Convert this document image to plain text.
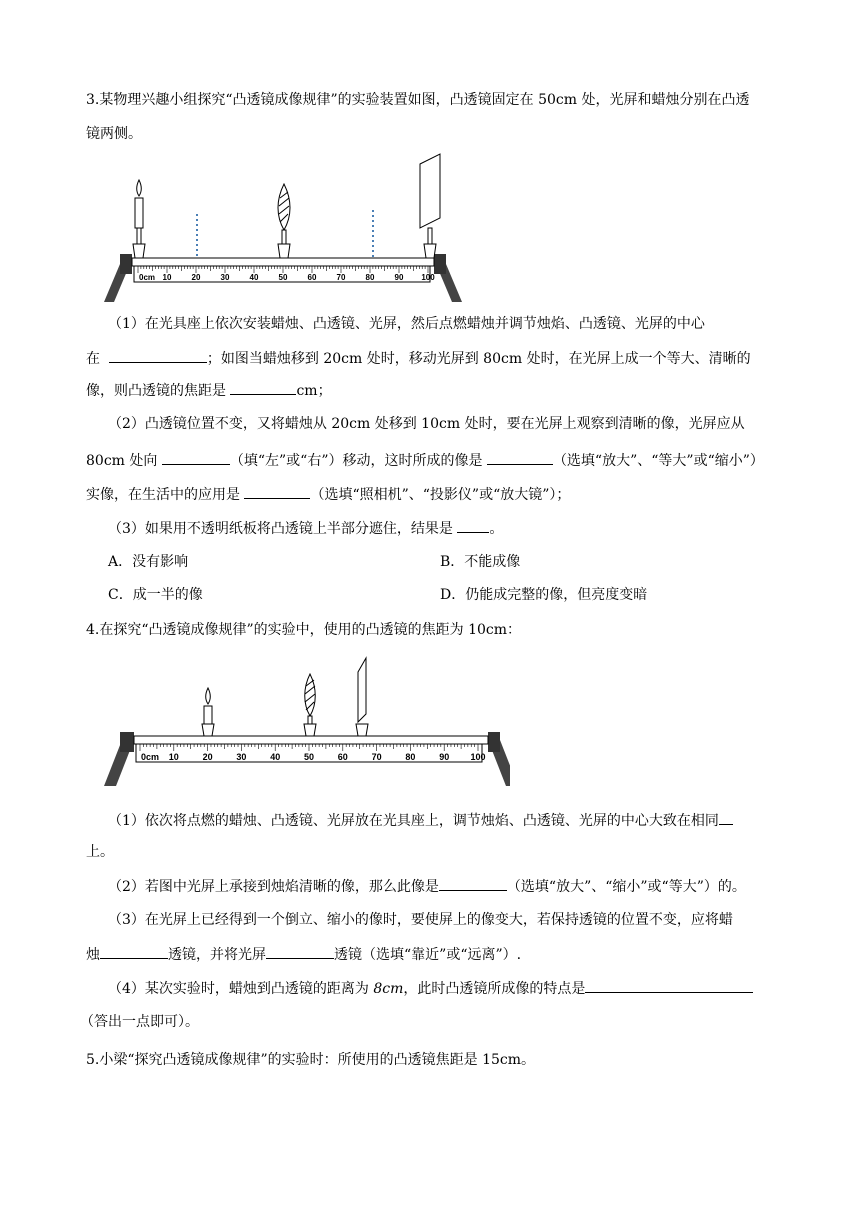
3.某物理兴趣小组探究“凸透镜成像规律”的实验装置如图，凸透镜固定在 50cm 处，光屏和蜡烛分别在凸透
镜两侧。
0cm 10	20	30	40	50	60	70	80	90 100
（1）在光具座上依次安装蜡烛、凸透镜、光屏，然后点燃蜡烛并调节烛焰、凸透镜、光屏的中心
在	；如图当蜡烛移到 20cm 处时，移动光屏到 80cm 处时，在光屏上成一个等大、清晰的
像，则凸透镜的焦距是	cm；
（2）凸透镜位置不变，又将蜡烛从 20cm 处移到 10cm 处时，要在光屏上观察到清晰的像，光屏应从
80cm 处向	（填“左”或“右”）移动，这时所成的像是	（选填“放大”、“等大”或“缩小”）
实像，在生活中的应用是	（选填“照相机”、“投影仪”或“放大镜”）；
（3）如果用不透明纸板将凸透镜上半部分遮住，结果是	。
A．没有影响	B．不能成像
C．成一半的像	D．仍能成完整的像，但亮度变暗
4.在探究“凸透镜成像规律”的实验中，使用的凸透镜的焦距为 10cm：
0cm 10	20	30	40	50	60	70	80	90 100
（1）依次将点燃的蜡烛、凸透镜、光屏放在光具座上，调节烛焰、凸透镜、光屏的中心大致在相同
上。
（2）若图中光屏上承接到烛焰清晰的像，那么此像是	（选填“放大”、“缩小”或“等大”）的。
（3）在光屏上已经得到一个倒立、缩小的像时，要使屏上的像变大，若保持透镜的位置不变，应将蜡
烛	透镜，并将光屏	透镜（选填“靠近”或“远离”）.
（4）某次实验时，蜡烛到凸透镜的距离为 8cm，此时凸透镜所成像的特点是
（答出一点即可）。
5.小梁“探究凸透镜成像规律”的实验时：所使用的凸透镜焦距是 15cm。
